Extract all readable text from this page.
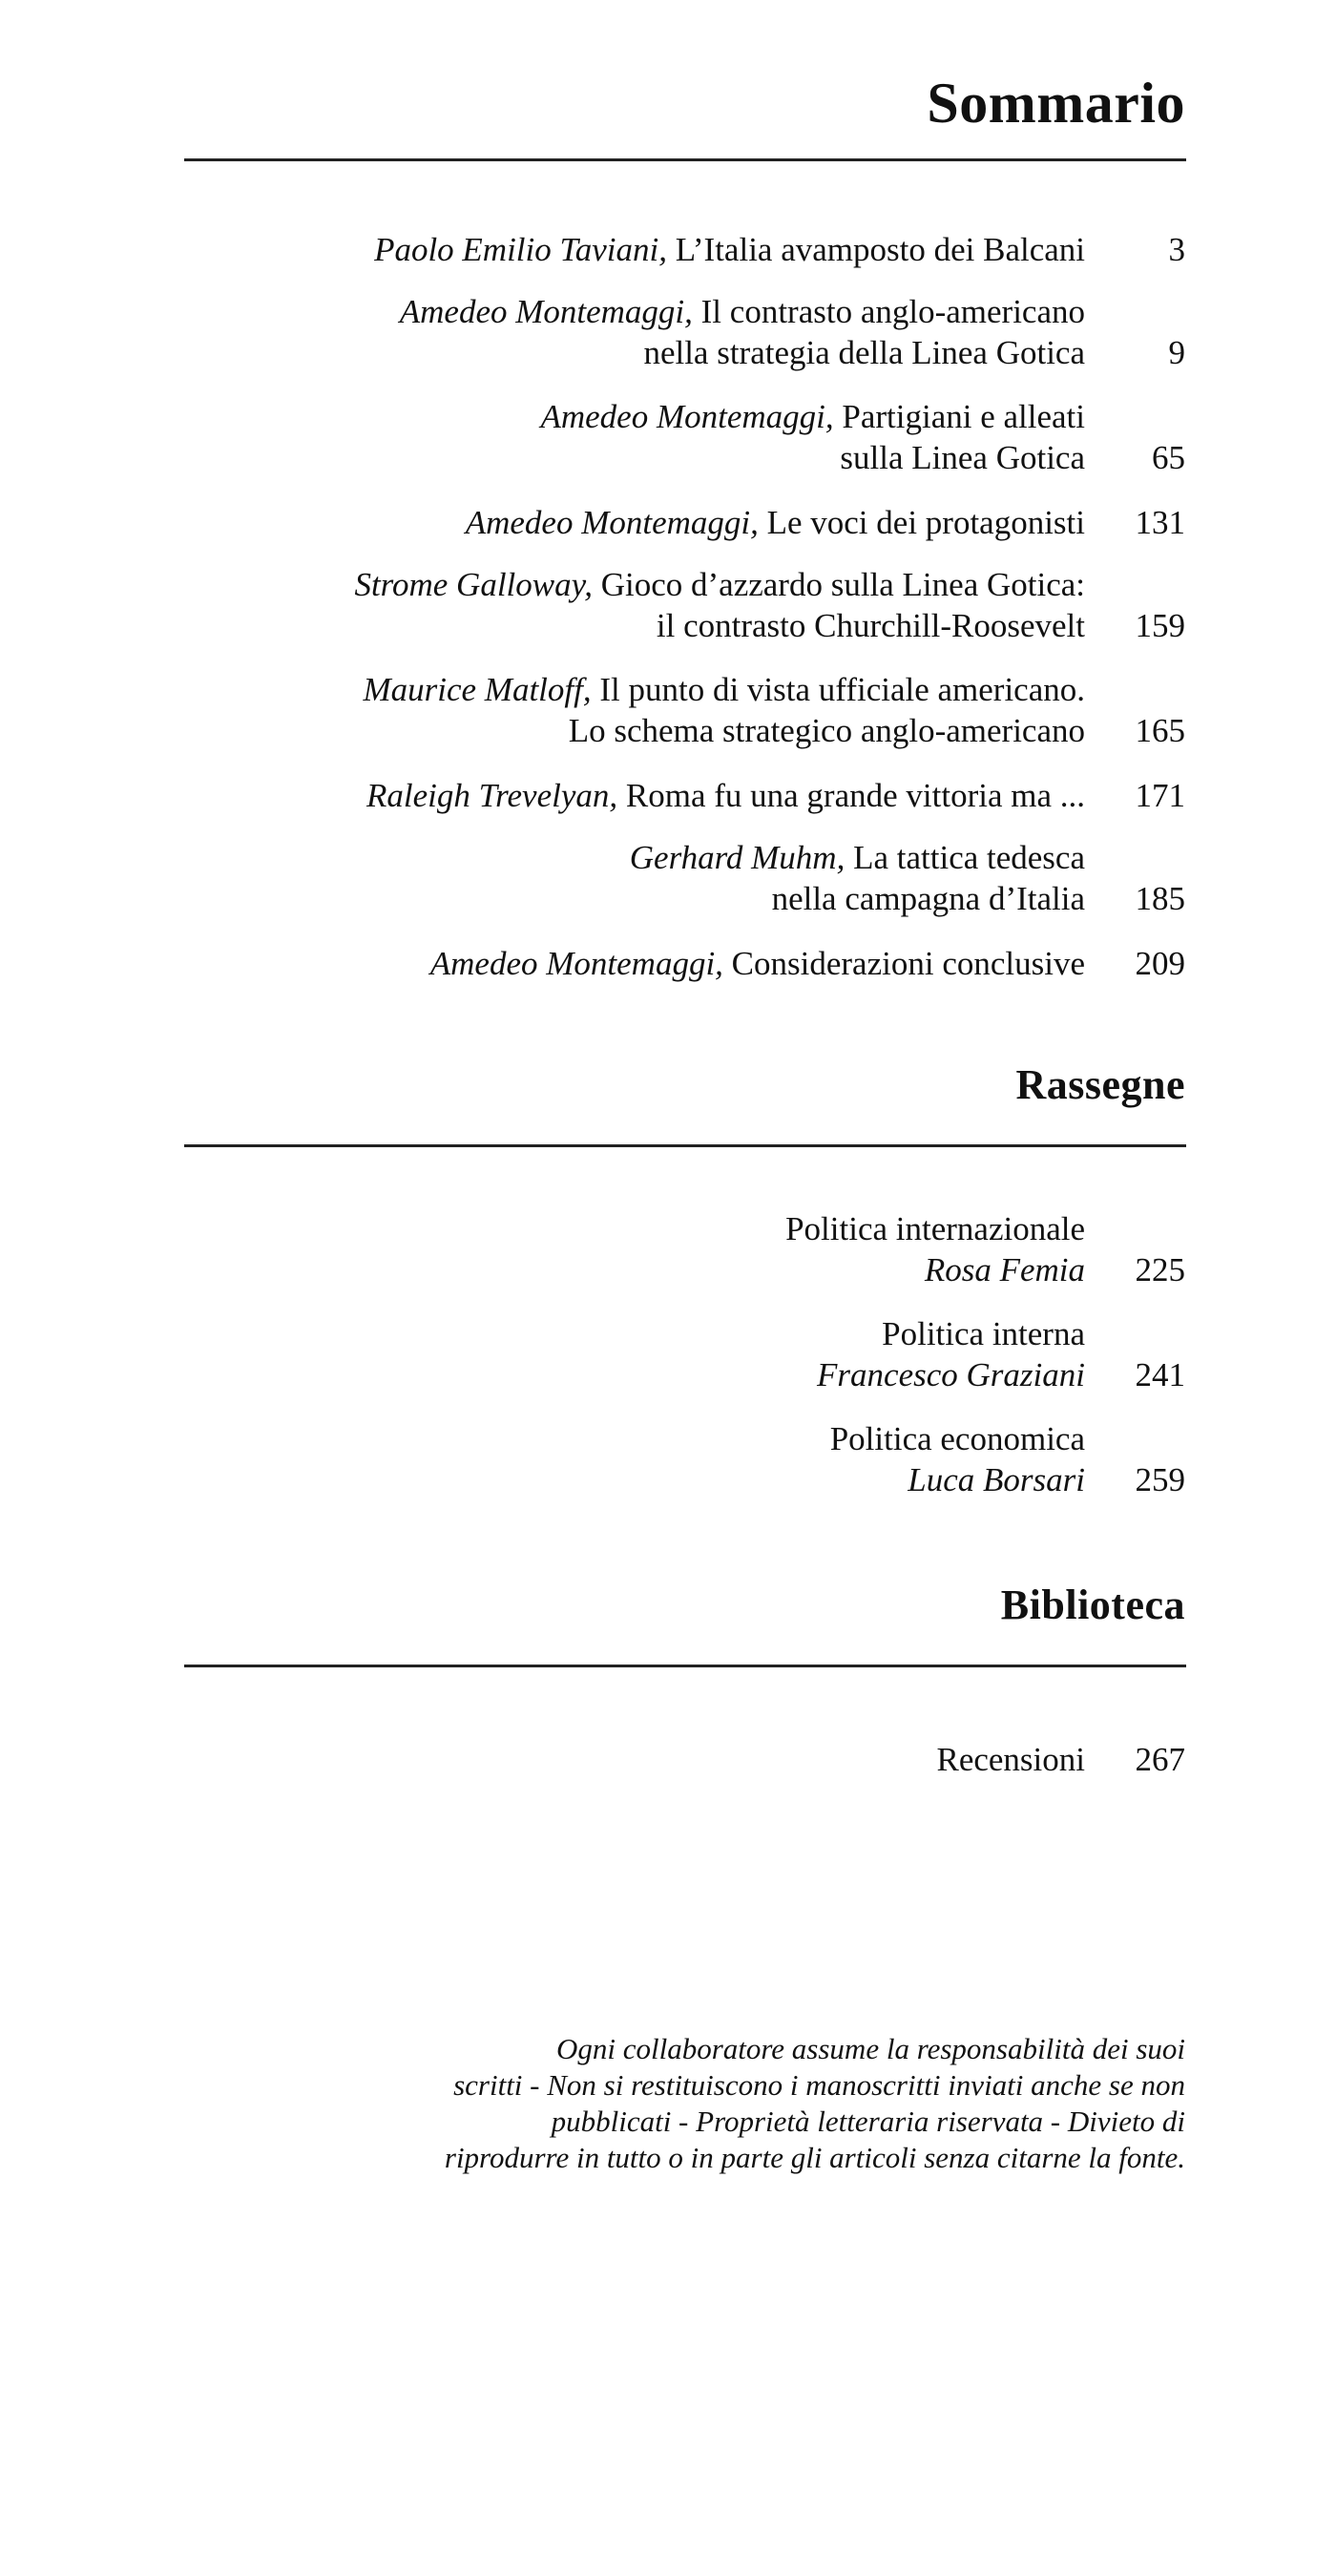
Sommario
Paolo Emilio Taviani, L’Italia avamposto dei Balcani	3
Amedeo Montemaggi, Il contrasto anglo-americano
nella strategia della Linea Gotica	9
Amedeo Montemaggi, Partigiani e alleati
sulla Linea Gotica	65
Amedeo Montemaggi, Le voci dei protagonisti	131
Strome Galloway, Gioco d’azzardo sulla Linea Gotica:
il contrasto Churchill-Roosevelt	159
Maurice Matloff, Il punto di vista ufficiale americano.
Lo schema strategico anglo-americano	165
Raleigh Trevelyan, Roma fu una grande vittoria ma ...	171
Gerhard Muhm, La tattica tedesca
nella campagna d’Italia	185
Amedeo Montemaggi, Considerazioni conclusive	209
Rassegne
Politica internazionale
Rosa Femia	225
Politica interna
Francesco Graziani	241
Politica economica
Luca Borsari	259
Biblioteca
Recensioni	267

Ogni collaboratore assume la responsabilità dei suoi
scritti - Non si restituiscono i manoscritti inviati anche se non
pubblicati - Proprietà letteraria riservata - Divieto di
riprodurre in tutto o in parte gli articoli senza citarne la fonte.
